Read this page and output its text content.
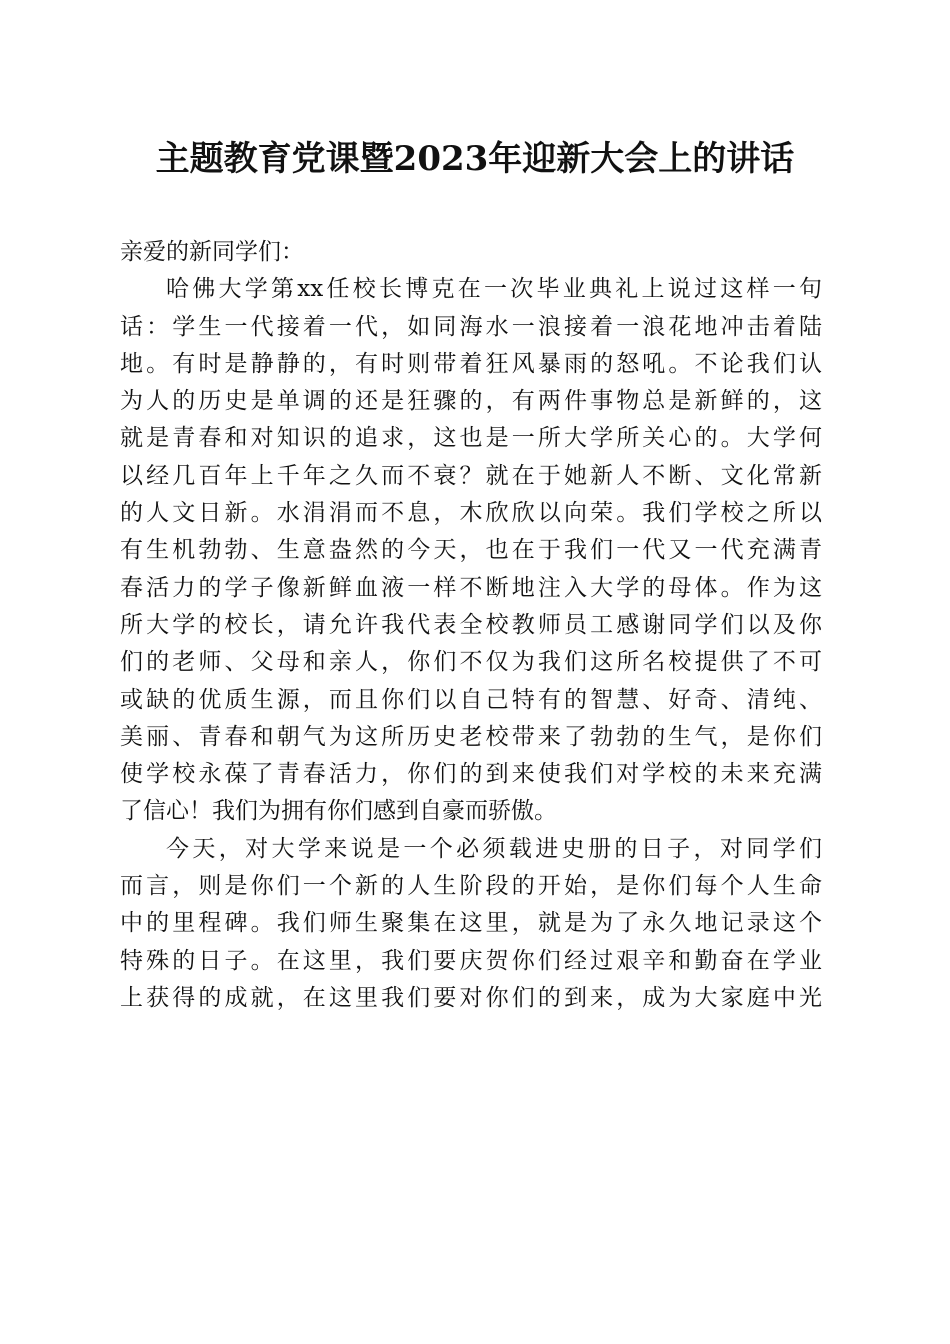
主题教育党课暨2023年迎新大会上的讲话

亲爱的新同学们：

哈佛大学第xx任校长博克在一次毕业典礼上说过这样一句

话：学生一代接着一代，如同海水一浪接着一浪花地冲击着陆

地。有时是静静的，有时则带着狂风暴雨的怒吼。不论我们认

为人的历史是单调的还是狂骤的，有两件事物总是新鲜的，这

就是青春和对知识的追求，这也是一所大学所关心的。大学何

以经几百年上千年之久而不衰？就在于她新人不断、文化常新

的人文日新。水涓涓而不息，木欣欣以向荣。我们学校之所以

有生机勃勃、生意盎然的今天，也在于我们一代又一代充满青

春活力的学子像新鲜血液一样不断地注入大学的母体。作为这

所大学的校长，请允许我代表全校教师员工感谢同学们以及你

们的老师、父母和亲人，你们不仅为我们这所名校提供了不可

或缺的优质生源，而且你们以自己特有的智慧、好奇、清纯、

美丽、青春和朝气为这所历史老校带来了勃勃的生气，是你们

使学校永葆了青春活力，你们的到来使我们对学校的未来充满

了信心！我们为拥有你们感到自豪而骄傲。

今天，对大学来说是一个必须载进史册的日子，对同学们

而言，则是你们一个新的人生阶段的开始，是你们每个人生命

中的里程碑。我们师生聚集在这里，就是为了永久地记录这个

特殊的日子。在这里，我们要庆贺你们经过艰辛和勤奋在学业

上获得的成就，在这里我们要对你们的到来，成为大家庭中光
